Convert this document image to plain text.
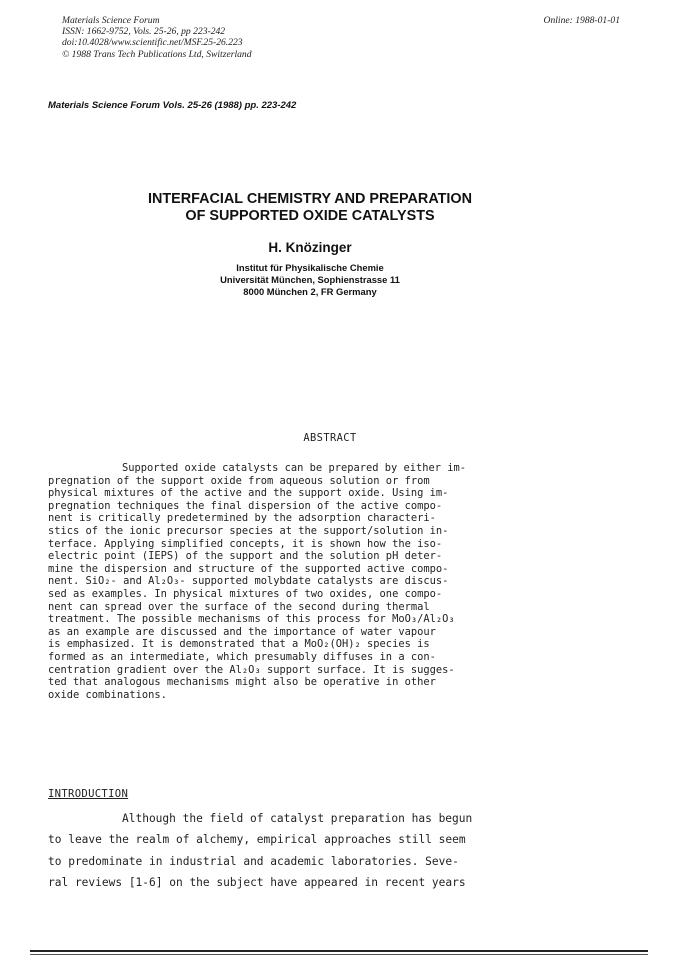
Materials Science Forum
ISSN: 1662-9752, Vols. 25-26, pp 223-242
doi:10.4028/www.scientific.net/MSF.25-26.223
© 1988 Trans Tech Publications Ltd, Switzerland
Online: 1988-01-01
Materials Science Forum Vols. 25-26 (1988) pp. 223-242
INTERFACIAL CHEMISTRY AND PREPARATION
OF SUPPORTED OXIDE CATALYSTS
H. Knözinger
Institut für Physikalische Chemie
Universität München, Sophienstrasse 11
8000 München 2, FR Germany
ABSTRACT
Supported oxide catalysts can be prepared by either im-
pregnation of the support oxide from aqueous solution or from
physical mixtures of the active and the support oxide. Using im-
pregnation techniques the final dispersion of the active compo-
nent is critically predetermined by the adsorption characteri-
stics of the ionic precursor species at the support/solution in-
terface. Applying simplified concepts, it is shown how the iso-
electric point (IEPS) of the support and the solution pH deter-
mine the dispersion and structure of the supported active compo-
nent. SiO₂- and Al₂O₃- supported molybdate catalysts are discus-
sed as examples. In physical mixtures of two oxides, one compo-
nent can spread over the surface of the second during thermal
treatment. The possible mechanisms of this process for MoO₃/Al₂O₃
as an example are discussed and the importance of water vapour
is emphasized. It is demonstrated that a MoO₂(OH)₂ species is
formed as an intermediate, which presumably diffuses in a con-
centration gradient over the Al₂O₃ support surface. It is sugges-
ted that analogous mechanisms might also be operative in other
oxide combinations.
INTRODUCTION
Although the field of catalyst preparation has begun
to leave the realm of alchemy, empirical approaches still seem
to predominate in industrial and academic laboratories. Seve-
ral reviews [1-6] on the subject have appeared in recent years
